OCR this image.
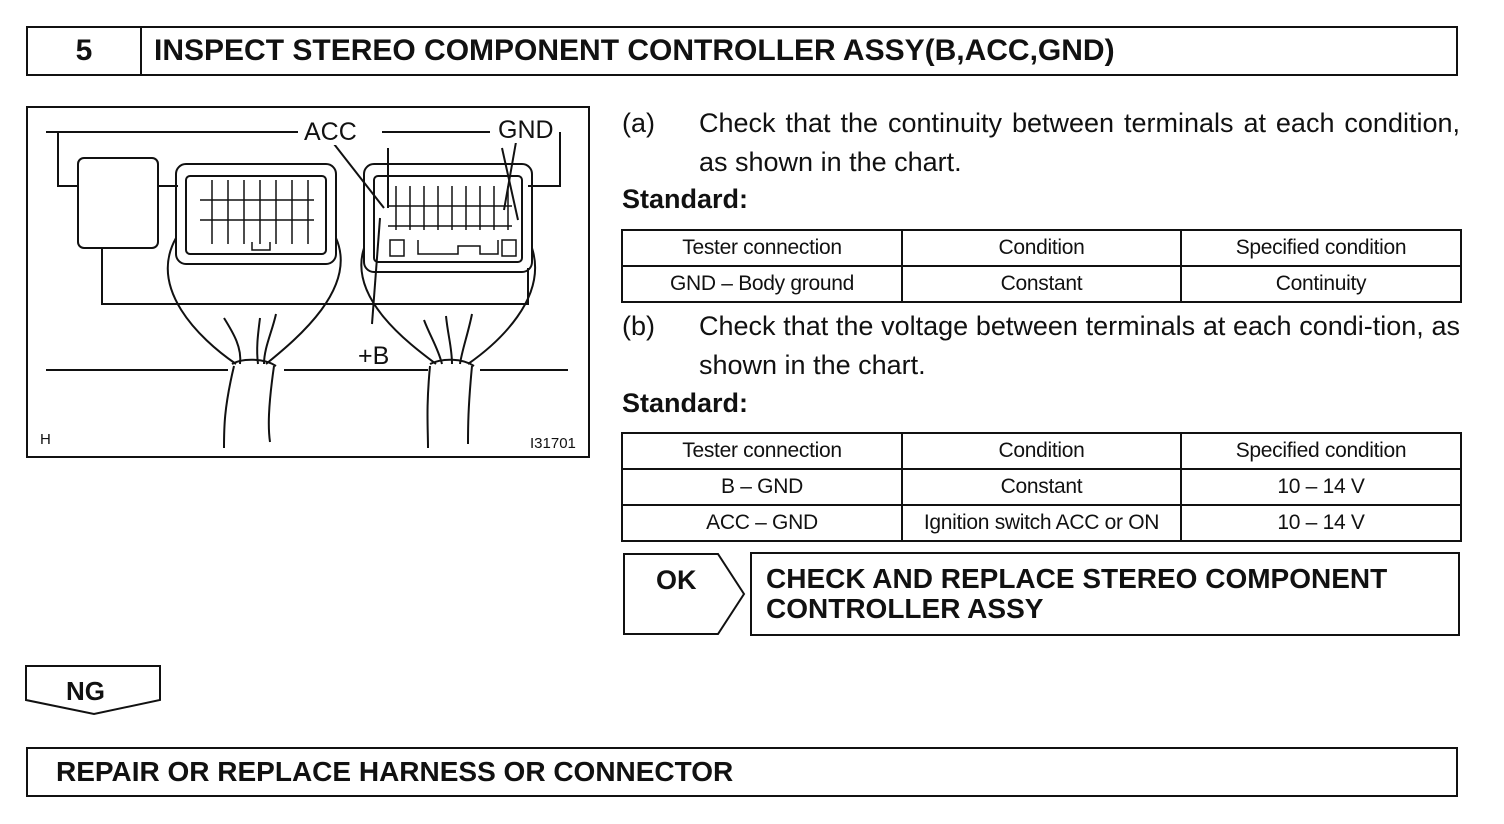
5	INSPECT STEREO COMPONENT CONTROLLER ASSY(B,ACC,GND)
ACC	GND
+B
H	I31701
(a) Check that the continuity between terminals at each condition, as shown in the chart.
Standard:
Tester connection	Condition	Specified condition
GND – Body ground	Constant	Continuity
(b) Check that the voltage between terminals at each condi-tion, as shown in the chart.
Standard:
Tester connection	Condition	Specified condition
B – GND	Constant	10 – 14 V
ACC – GND	Ignition switch ACC or ON	10 – 14 V
OK CHECK AND REPLACE STEREO COMPONENT
CONTROLLER ASSY
NG
REPAIR OR REPLACE HARNESS OR CONNECTOR
